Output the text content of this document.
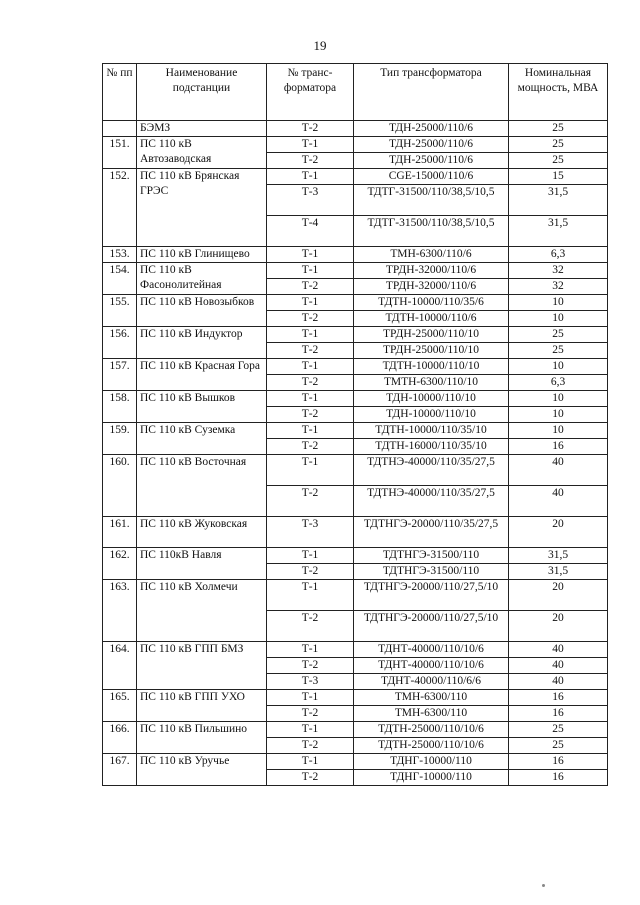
19
№ пп	Наименование подстанции	№ транс-форматора	Тип трансформатора	Номинальная мощность, МВА
	БЭМЗ	Т-2	ТДН-25000/110/6	25
151.	ПС 110 кВ Автозаводская	Т-1	ТДН-25000/110/6	25
		Т-2	ТДН-25000/110/6	25
152.	ПС 110 кВ Брянская ГРЭС	Т-1	СGЕ-15000/110/6	15
		Т-3	ТДТГ-31500/110/38,5/10,5	31,5
		Т-4	ТДТГ-31500/110/38,5/10,5	31,5
153.	ПС 110 кВ Глинищево	Т-1	ТМН-6300/110/6	6,3
154.	ПС 110 кВ Фасонолитейная	Т-1	ТРДН-32000/110/6	32
		Т-2	ТРДН-32000/110/6	32
155.	ПС 110 кВ Новозыбков	Т-1	ТДТН-10000/110/35/6	10
		Т-2	ТДТН-10000/110/6	10
156.	ПС 110 кВ Индуктор	Т-1	ТРДН-25000/110/10	25
		Т-2	ТРДН-25000/110/10	25
157.	ПС 110 кВ Красная Гора	Т-1	ТДТН-10000/110/10	10
		Т-2	ТМТН-6300/110/10	6,3
158.	ПС 110 кВ Вышков	Т-1	ТДН-10000/110/10	10
		Т-2	ТДН-10000/110/10	10
159.	ПС 110 кВ Суземка	Т-1	ТДТН-10000/110/35/10	10
		Т-2	ТДТН-16000/110/35/10	16
160.	ПС 110 кВ Восточная	Т-1	ТДТНЭ-40000/110/35/27,5	40
		Т-2	ТДТНЭ-40000/110/35/27,5	40
161.	ПС 110 кВ Жуковская	Т-3	ТДТНГЭ-20000/110/35/27,5	20
162.	ПС 110кВ Навля	Т-1	ТДТНГЭ-31500/110	31,5
		Т-2	ТДТНГЭ-31500/110	31,5
163.	ПС 110 кВ Холмечи	Т-1	ТДТНГЭ-20000/110/27,5/10	20
		Т-2	ТДТНГЭ-20000/110/27,5/10	20
164.	ПС 110 кВ ГПП БМЗ	Т-1	ТДНТ-40000/110/10/6	40
		Т-2	ТДНТ-40000/110/10/6	40
		Т-3	ТДНТ-40000/110/6/6	40
165.	ПС 110 кВ ГПП УХО	Т-1	ТМН-6300/110	16
		Т-2	ТМН-6300/110	16
166.	ПС 110 кВ Пильшино	Т-1	ТДТН-25000/110/10/6	25
		Т-2	ТДТН-25000/110/10/6	25
167.	ПС 110 кВ Уручье	Т-1	ТДНГ-10000/110	16
		Т-2	ТДНГ-10000/110	16
